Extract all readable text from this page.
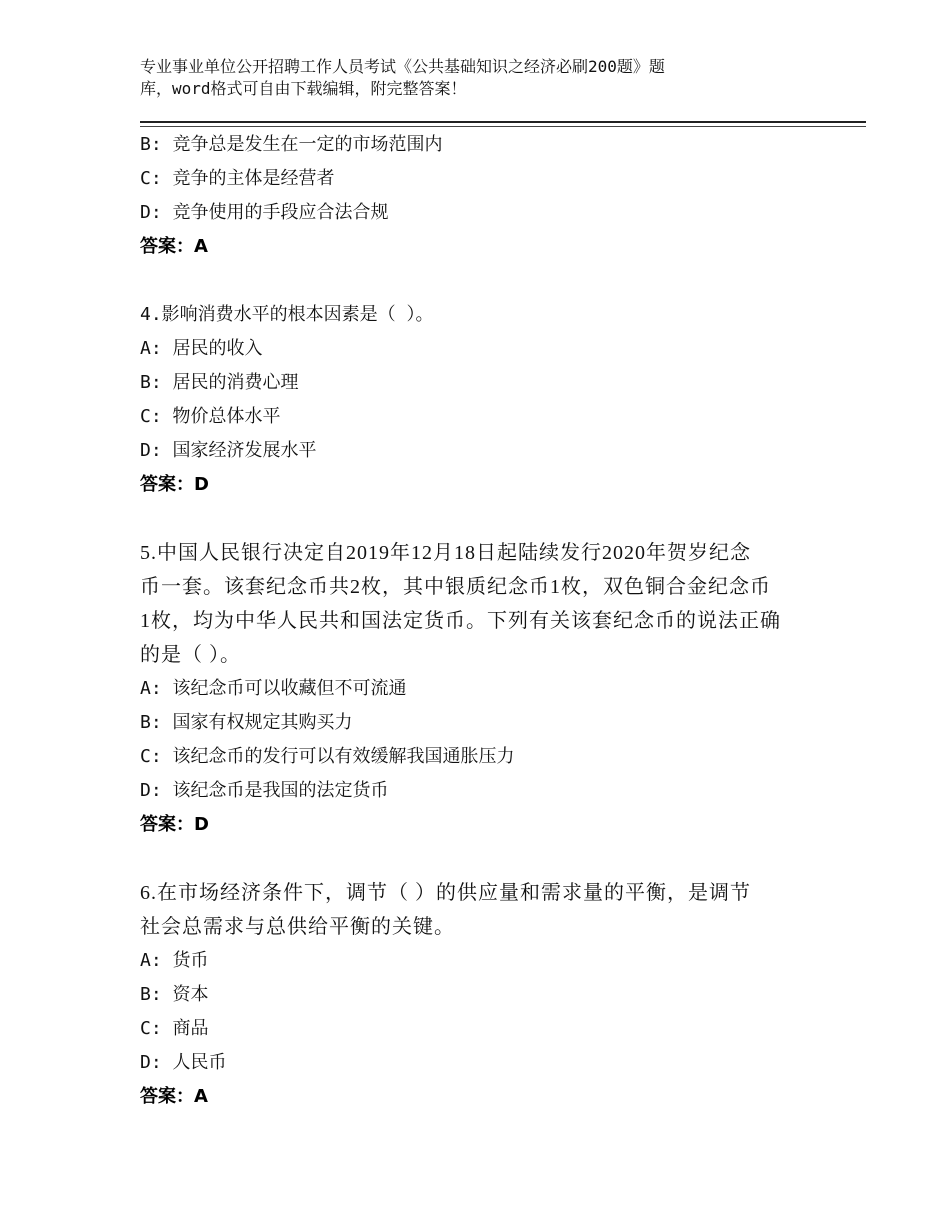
专业事业单位公开招聘工作人员考试《公共基础知识之经济必刷200题》题
库，word格式可自由下载编辑，附完整答案！
B: 竞争总是发生在一定的市场范围内
C: 竞争的主体是经营者
D: 竞争使用的手段应合法合规
答案：A
4.影响消费水平的根本因素是（ ）。
A: 居民的收入
B: 居民的消费心理
C: 物价总体水平
D: 国家经济发展水平
答案：D
5.中国人民银行决定自2019年12月18日起陆续发行2020年贺岁纪念
币一套。该套纪念币共2枚，其中银质纪念币1枚，双色铜合金纪念币
1枚，均为中华人民共和国法定货币。下列有关该套纪念币的说法正确
的是（ ）。
A: 该纪念币可以收藏但不可流通
B: 国家有权规定其购买力
C: 该纪念币的发行可以有效缓解我国通胀压力
D: 该纪念币是我国的法定货币
答案：D
6.在市场经济条件下，调节（ ）的供应量和需求量的平衡，是调节
社会总需求与总供给平衡的关键。
A: 货币
B: 资本
C: 商品
D: 人民币
答案：A
